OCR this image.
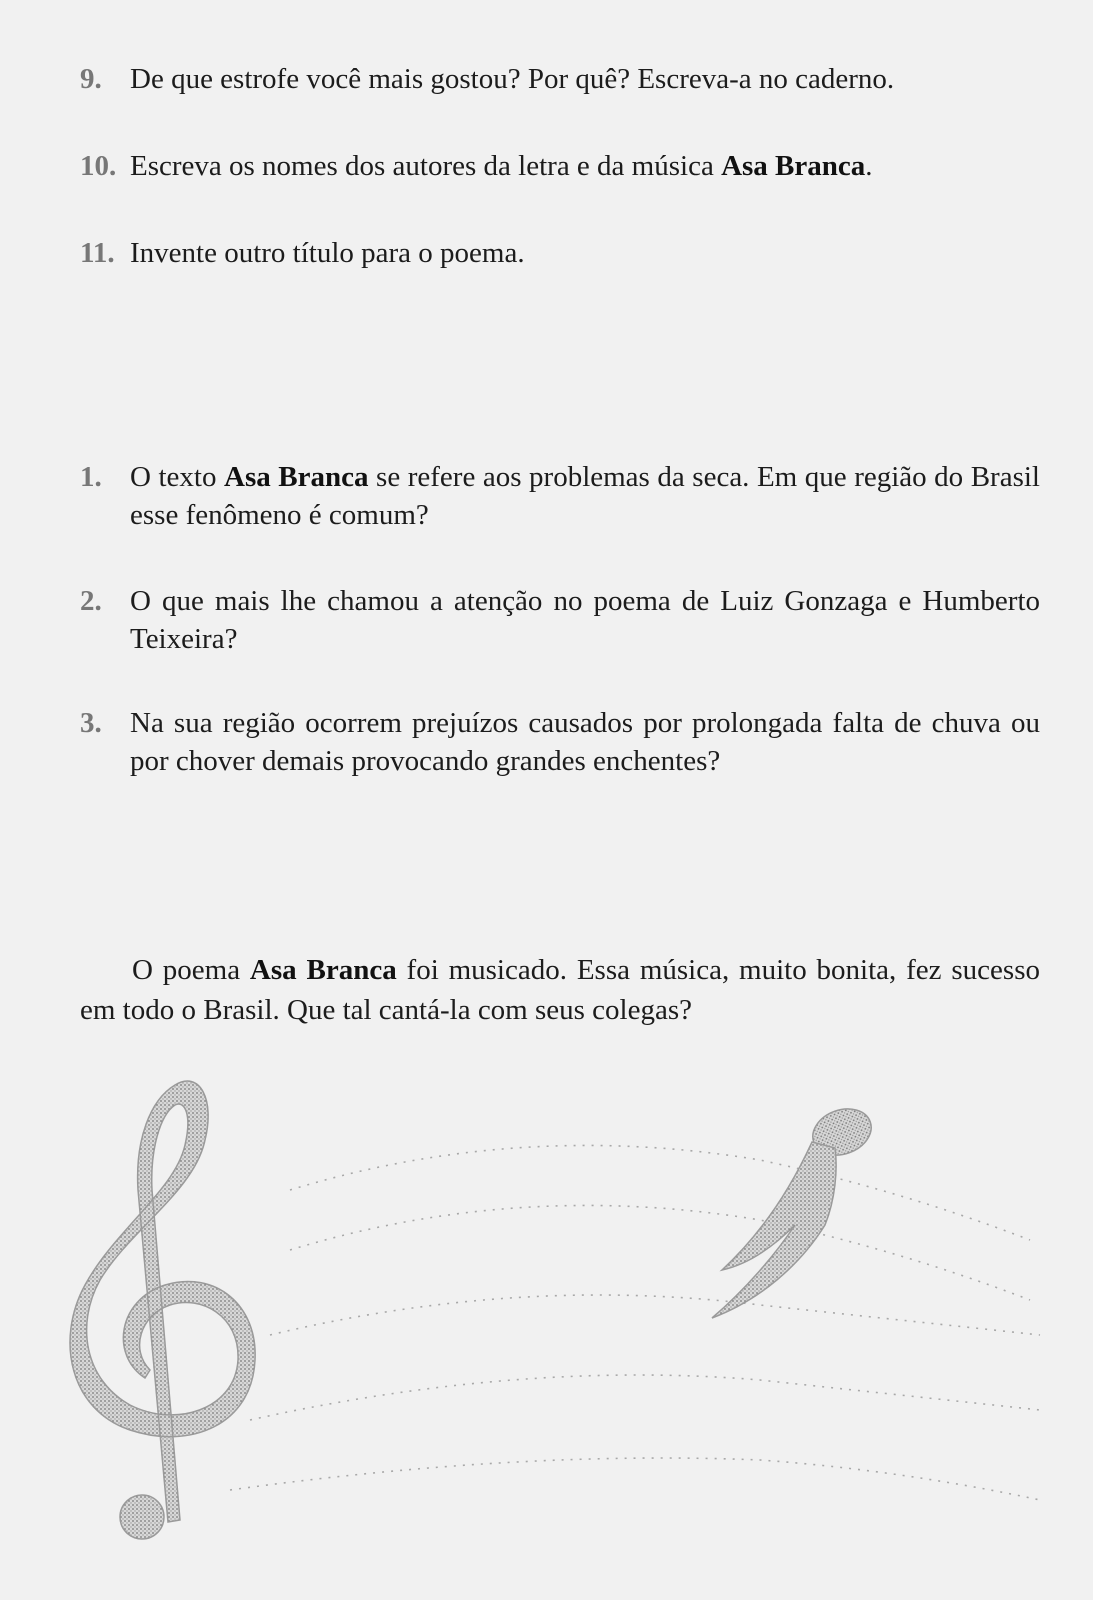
9. De que estrofe você mais gostou? Por quê? Escreva-a no caderno.
10. Escreva os nomes dos autores da letra e da música Asa Branca.
11. Invente outro título para o poema.
1. O texto Asa Branca se refere aos problemas da seca. Em que região do Brasil esse fenômeno é comum?
2. O que mais lhe chamou a atenção no poema de Luiz Gonzaga e Humberto Teixeira?
3. Na sua região ocorrem prejuízos causados por prolongada falta de chuva ou por chover demais provocando grandes enchentes?
O poema Asa Branca foi musicado. Essa música, muito bonita, fez sucesso em todo o Brasil. Que tal cantá-la com seus colegas?
